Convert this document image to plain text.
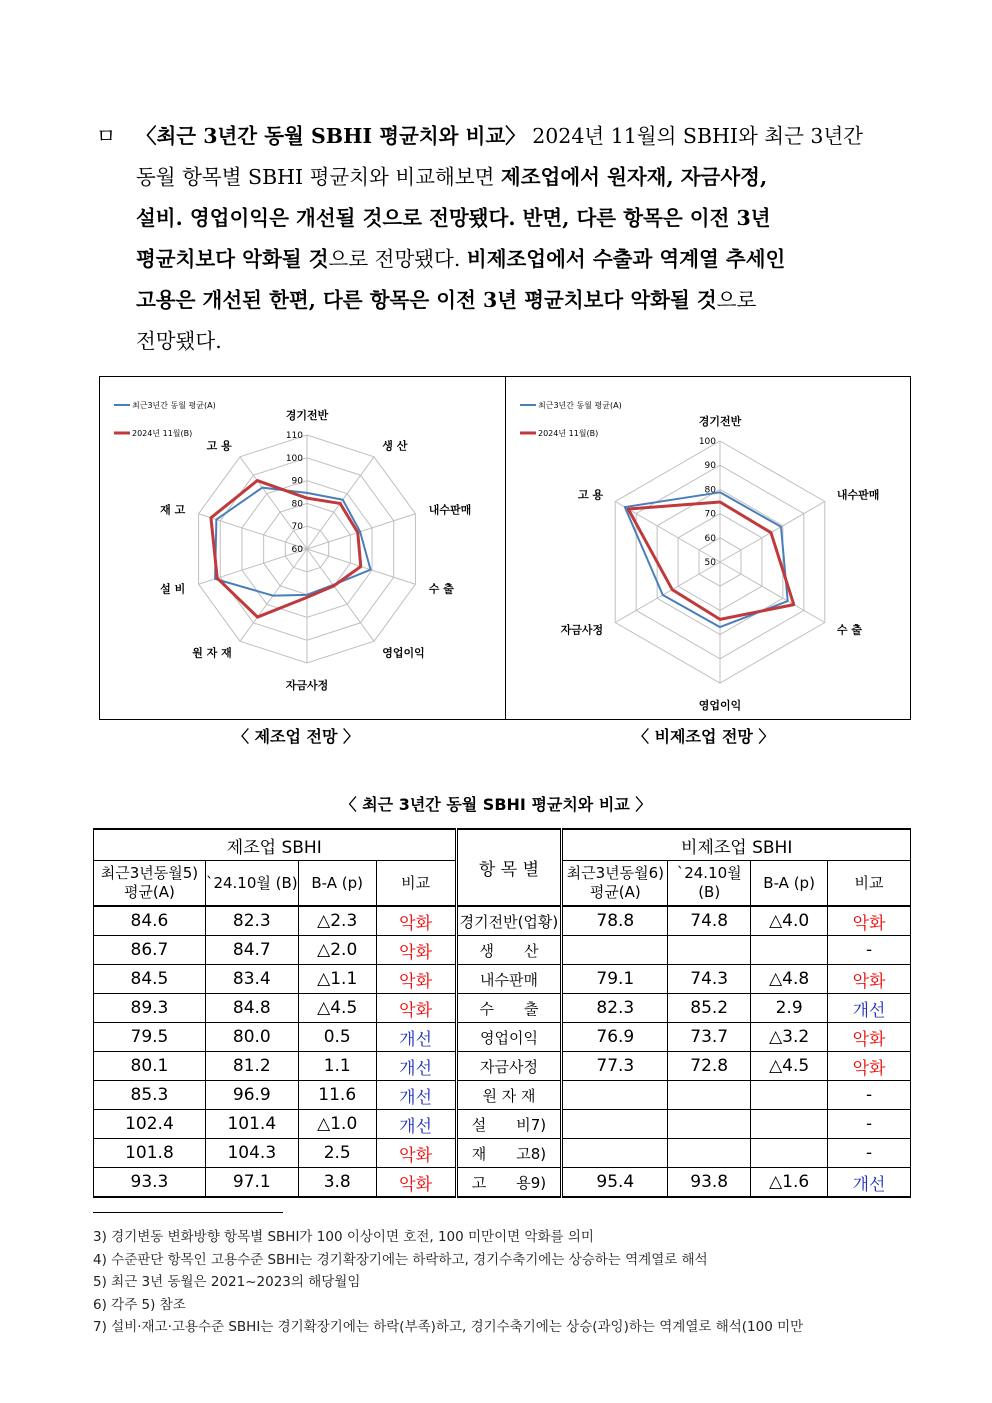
ㅁ 〈최근 3년간 동월 SBHI 평균치와 비교〉 2024년 11월의 SBHI와 최근 3년간
동월 항목별 SBHI 평균치와 비교해보면 제조업에서 원자재, 자금사정,
설비. 영업이익은 개선될 것으로 전망됐다. 반면, 다른 항목은 이전 3년
평균치보다 악화될 것으로 전망됐다. 비제조업에서 수출과 역계열 추세인
고용은 개선된 한편, 다른 항목은 이전 3년 평균치보다 악화될 것으로
전망됐다.
60
70
80
90
100
110
경기전반
생 산
내수판매
수 출
영업이익
자금사정
원 자 재
설 비
재 고
고 용
최근3년간 동월 평균(A)
2024년 11월(B)
50
60
70
80
90
100
경기전반
내수판매
수 출
영업이익
자금사정
고 용
최근3년간 동월 평균(A)
2024년 11월(B)
〈 제조업 전망 〉	〈 비제조업 전망 〉
〈 최근 3년간 동월 SBHI 평균치와 비교 〉
제조업 SBHI				항 목 별	비제조업 SBHI			
최근3년동월5) 평균(A)	`24.10월 (B)	B-A (p)	비교		최근3년동월6) 평균(A)	`24.10월 (B)	B-A (p)	비교
84.6	82.3	△2.3	악화	경기전반(업황)	78.8	74.8	△4.0	악화
86.7	84.7	△2.0	악화	생　　산				-
84.5	83.4	△1.1	악화	내수판매	79.1	74.3	△4.8	악화
89.3	84.8	△4.5	악화	수　　출	82.3	85.2	2.9	개선
79.5	80.0	0.5	개선	영업이익	76.9	73.7	△3.2	악화
80.1	81.2	1.1	개선	자금사정	77.3	72.8	△4.5	악화
85.3	96.9	11.6	개선	원 자 재				-
102.4	101.4	△1.0	개선	설　　비7)				-
101.8	104.3	2.5	악화	재　　고8)				-
93.3	97.1	3.8	악화	고　　용9)	95.4	93.8	△1.6	개선
3) 경기변동 변화방향 항목별 SBHI가 100 이상이면 호전, 100 미만이면 악화를 의미
4) 수준판단 항목인 고용수준 SBHI는 경기확장기에는 하락하고, 경기수축기에는 상승하는 역계열로 해석
5) 최근 3년 동월은 2021~2023의 해당월임
6) 각주 5) 참조
7) 설비·재고·고용수준 SBHI는 경기확장기에는 하락(부족)하고, 경기수축기에는 상승(과잉)하는 역계열로 해석(100 미만
